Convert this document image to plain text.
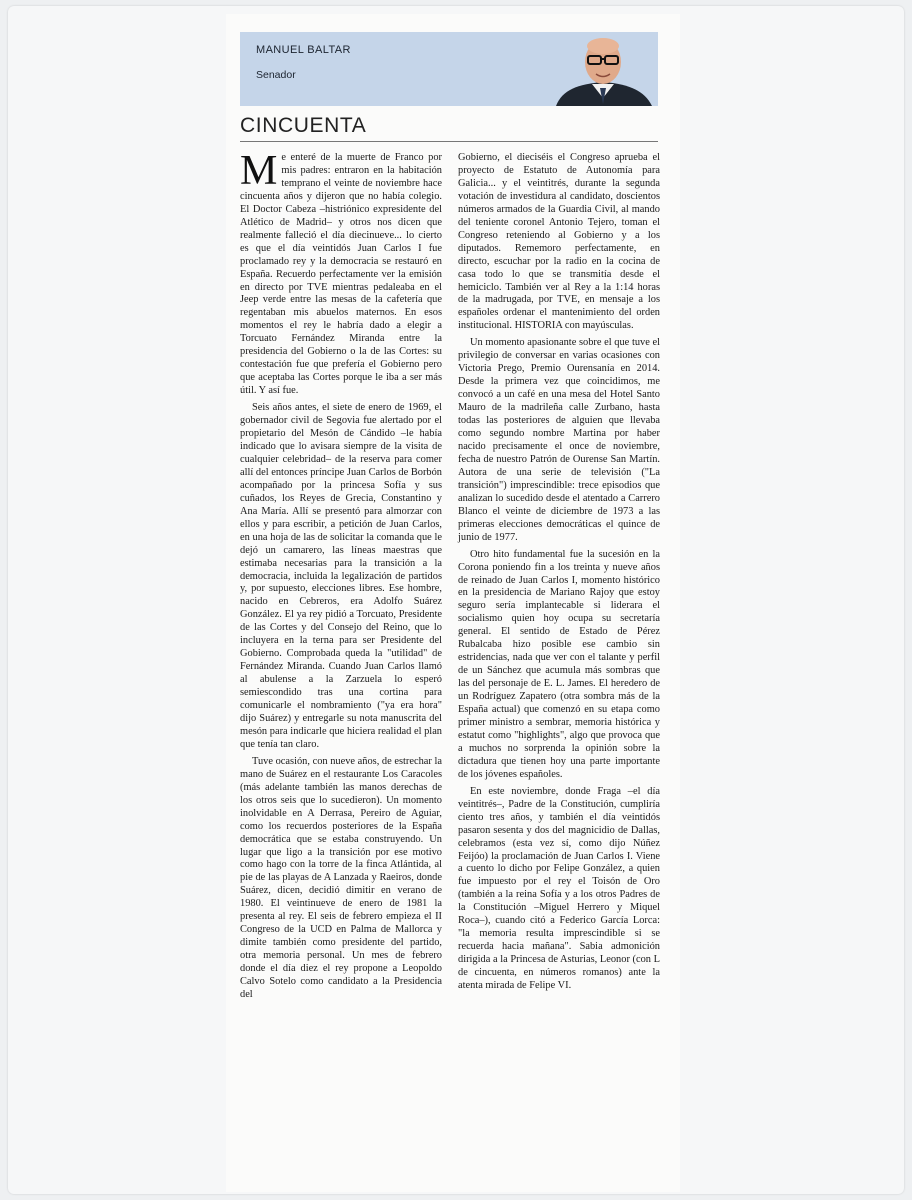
MANUEL BALTAR
Senador
CINCUENTA

Me enteré de la muerte de Franco por mis padres: entraron en la habitación temprano el veinte de noviembre hace cincuenta años y dijeron que no había colegio. El Doctor Cabeza –histriónico expresidente del Atlético de Madrid– y otros nos dicen que realmente falleció el día diecinueve... lo cierto es que el día veintidós Juan Carlos I fue proclamado rey y la democracia se restauró en España. Recuerdo perfectamente ver la emisión en directo por TVE mientras pedaleaba en el Jeep verde entre las mesas de la cafetería que regentaban mis abuelos maternos. En esos momentos el rey le habría dado a elegir a Torcuato Fernández Miranda entre la presidencia del Gobierno o la de las Cortes: su contestación fue que prefería el Gobierno pero que aceptaba las Cortes porque le iba a ser más útil. Y así fue.

Seis años antes, el siete de enero de 1969, el gobernador civil de Segovia fue alertado por el propietario del Mesón de Cándido –le había indicado que lo avisara siempre de la visita de cualquier celebridad– de la reserva para comer allí del entonces príncipe Juan Carlos de Borbón acompañado por la princesa Sofía y sus cuñados, los Reyes de Grecia, Constantino y Ana María. Allí se presentó para almorzar con ellos y para escribir, a petición de Juan Carlos, en una hoja de las de solicitar la comanda que le dejó un camarero, las líneas maestras que estimaba necesarias para la transición a la democracia, incluida la legalización de partidos y, por supuesto, elecciones libres. Ese hombre, nacido en Cebreros, era Adolfo Suárez González. El ya rey pidió a Torcuato, Presidente de las Cortes y del Consejo del Reino, que lo incluyera en la terna para ser Presidente del Gobierno. Comprobada queda la "utilidad" de Fernández Miranda. Cuando Juan Carlos llamó al abulense a la Zarzuela lo esperó semiescondido tras una cortina para comunicarle el nombramiento ("ya era hora" dijo Suárez) y entregarle su nota manuscrita del mesón para indicarle que hiciera realidad el plan que tenía tan claro.

Tuve ocasión, con nueve años, de estrechar la mano de Suárez en el restaurante Los Caracoles (más adelante también las manos derechas de los otros seis que lo sucedieron). Un momento inolvidable en A Derrasa, Pereiro de Aguiar, como los recuerdos posteriores de la España democrática que se estaba construyendo. Un lugar que ligo a la transición por ese motivo como hago con la torre de la finca Atlántida, al pie de las playas de A Lanzada y Raeiros, donde Suárez, dicen, decidió dimitir en verano de 1980. El veintinueve de enero de 1981 la presenta al rey. El seis de febrero empieza el II Congreso de la UCD en Palma de Mallorca y dimite también como presidente del partido, otra memoria personal. Un mes de febrero donde el día diez el rey propone a Leopoldo Calvo Sotelo como candidato a la Presidencia del

Gobierno, el dieciséis el Congreso aprueba el proyecto de Estatuto de Autonomía para Galicia... y el veintitrés, durante la segunda votación de investidura al candidato, doscientos números armados de la Guardia Civil, al mando del teniente coronel Antonio Tejero, toman el Congreso reteniendo al Gobierno y a los diputados. Rememoro perfectamente, en directo, escuchar por la radio en la cocina de casa todo lo que se transmitía desde el hemiciclo. También ver al Rey a la 1:14 horas de la madrugada, por TVE, en mensaje a los españoles ordenar el mantenimiento del orden institucional. HISTORIA con mayúsculas.

Un momento apasionante sobre el que tuve el privilegio de conversar en varias ocasiones con Victoria Prego, Premio Ourensanía en 2014. Desde la primera vez que coincidimos, me convocó a un café en una mesa del Hotel Santo Mauro de la madrileña calle Zurbano, hasta todas las posteriores de alguien que llevaba como segundo nombre Martina por haber nacido precisamente el once de noviembre, fecha de nuestro Patrón de Ourense San Martín. Autora de una serie de televisión ("La transición") imprescindible: trece episodios que analizan lo sucedido desde el atentado a Carrero Blanco el veinte de diciembre de 1973 a las primeras elecciones democráticas el quince de junio de 1977.

Otro hito fundamental fue la sucesión en la Corona poniendo fin a los treinta y nueve años de reinado de Juan Carlos I, momento histórico en la presidencia de Mariano Rajoy que estoy seguro sería implantecable si liderara el socialismo quien hoy ocupa su secretaría general. El sentido de Estado de Pérez Rubalcaba hizo posible ese cambio sin estridencias, nada que ver con el talante y perfil de un Sánchez que acumula más sombras que las del personaje de E. L. James. El heredero de un Rodríguez Zapatero (otra sombra más de la España actual) que comenzó en su etapa como primer ministro a sembrar, memoria histórica y estatut como "highlights", algo que provoca que a muchos no sorprenda la opinión sobre la dictadura que tienen hoy una parte importante de los jóvenes españoles.

En este noviembre, donde Fraga –el día veintitrés–, Padre de la Constitución, cumpliría ciento tres años, y también el día veintidós pasaron sesenta y dos del magnicidio de Dallas, celebramos (esta vez sí, como dijo Núñez Feijóo) la proclamación de Juan Carlos I. Viene a cuento lo dicho por Felipe González, a quien fue impuesto por el rey el Toisón de Oro (también a la reina Sofía y a los otros Padres de la Constitución –Miguel Herrero y Miquel Roca–), cuando citó a Federico García Lorca: "la memoria resulta imprescindible si se recuerda hacia mañana". Sabia admonición dirigida a la Princesa de Asturias, Leonor (con L de cincuenta, en números romanos) ante la atenta mirada de Felipe VI.
